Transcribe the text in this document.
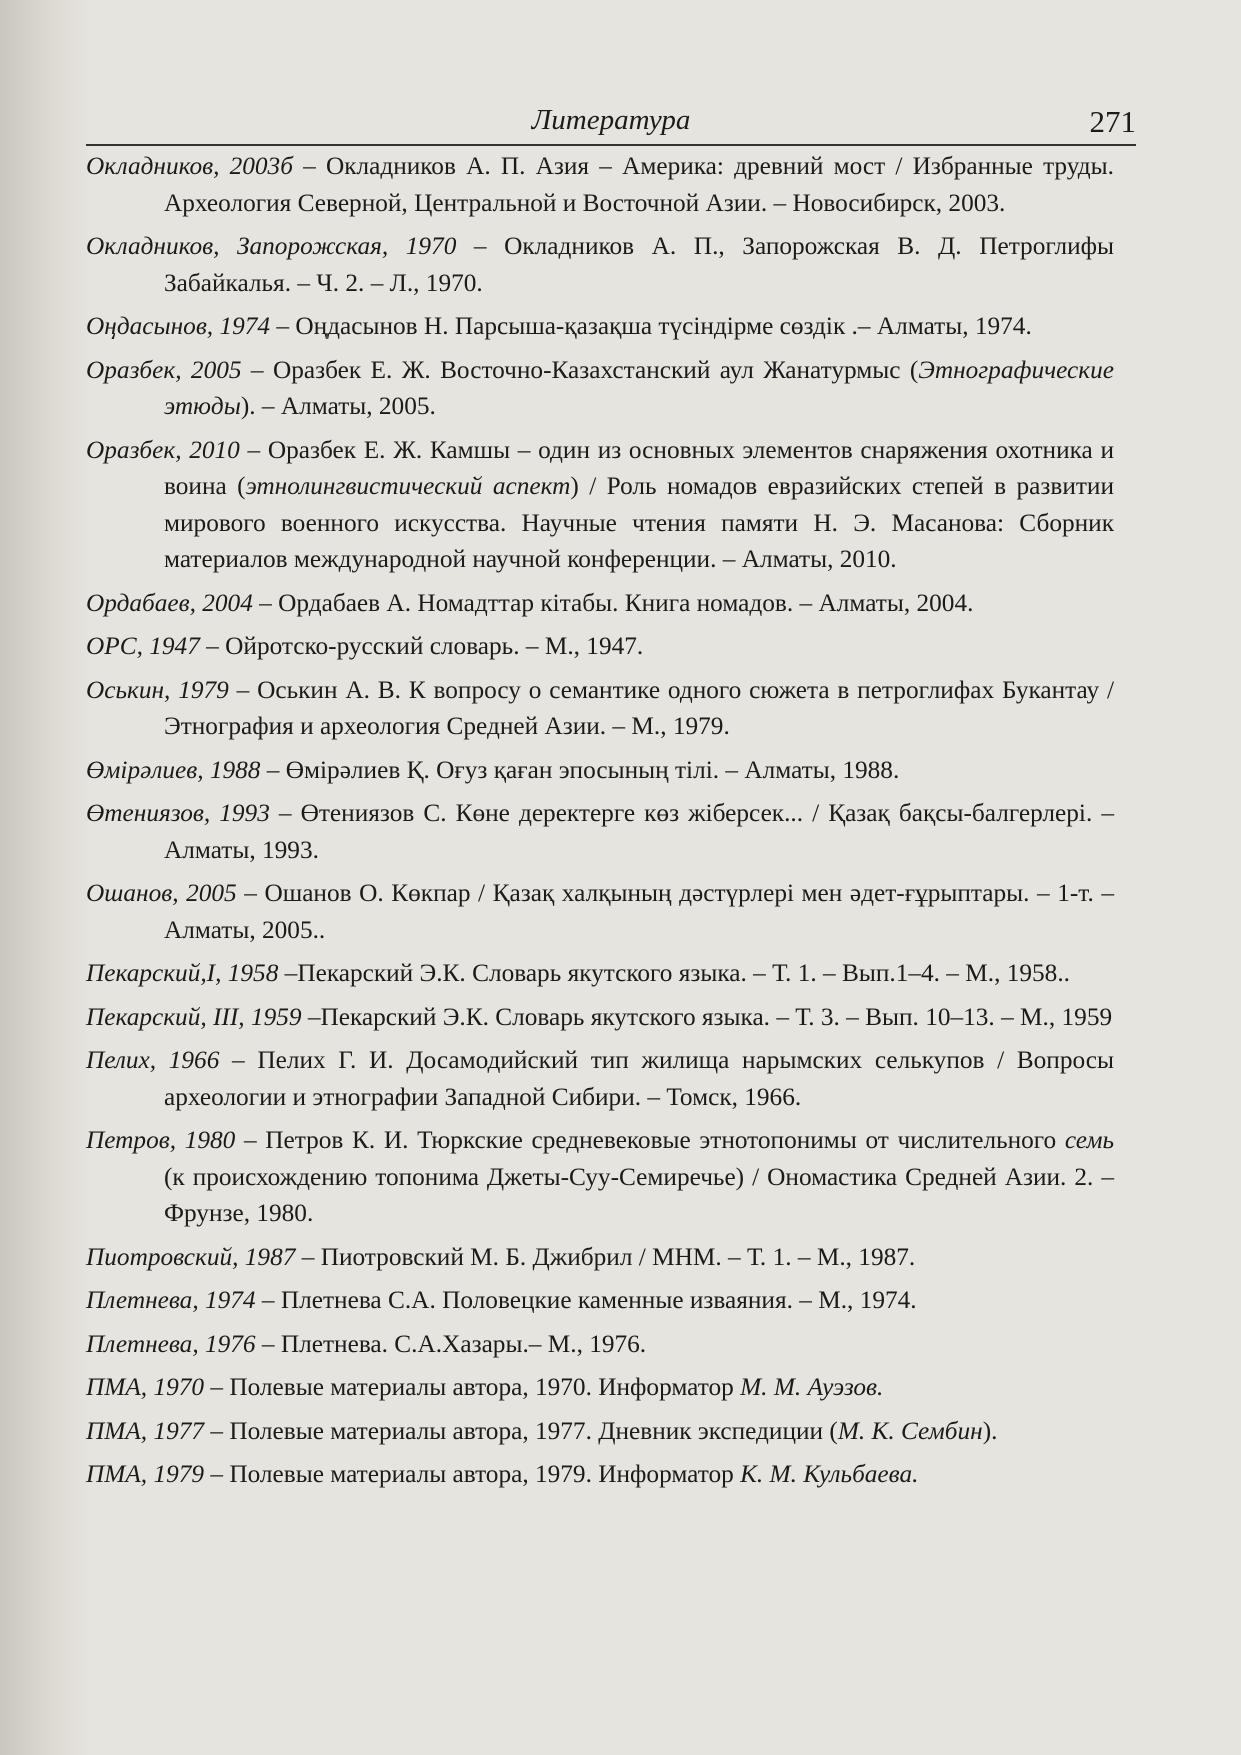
Литература	271

Окладников, 2003б – Окладников А. П. Азия – Америка: древний мост / Избранные труды. Археология Северной, Центральной и Восточной Азии. – Новосибирск, 2003.

Окладников, Запорожская, 1970 – Окладников А. П., Запорожская В. Д. Петроглифы Забайкалья. – Ч. 2. – Л., 1970.

Оңдасынов, 1974 – Оңдасынов Н. Парсыша-қазақша түсіндірме сөздік .– Алматы, 1974.

Оразбек, 2005 – Оразбек Е. Ж. Восточно-Казахстанский аул Жанатурмыс (Этнографические этюды). – Алматы, 2005.

Оразбек, 2010 – Оразбек Е. Ж. Камшы – один из основных элементов снаряжения охотника и воина (этнолингвистический аспект) / Роль номадов евразийских степей в развитии мирового военного искусства. Научные чтения памяти Н. Э. Масанова: Сборник материалов международной научной конференции. – Алматы, 2010.

Ордабаев, 2004 – Ордабаев А. Номадттар кітабы. Книга номадов. – Алматы, 2004.

ОРС, 1947 – Ойротско-русский словарь. – М., 1947.

Оськин, 1979 – Оськин А. В. К вопросу о семантике одного сюжета в петроглифах Букантау / Этнография и археология Средней Азии. – М., 1979.

Өмірәлиев, 1988 – Өмірәлиев Қ. Оғуз қаған эпосының тілі. – Алматы, 1988.

Өтениязов, 1993 – Өтениязов С. Көне деректерге көз жіберсек... / Қазақ бақсы-балгерлері. – Алматы, 1993.

Ошанов, 2005 – Ошанов О. Көкпар / Қазақ халқының дәстүрлері мен әдет-ғұрыптары. – 1-т. – Алматы, 2005..

Пекарский,I, 1958 –Пекарский Э.К. Словарь якутского языка. – Т. 1. – Вып.1–4. – М., 1958..

Пекарский, III, 1959 –Пекарский Э.К. Словарь якутского языка. – Т. 3. – Вып. 10–13. – М., 1959

Пелих, 1966 – Пелих Г. И. Досамодийский тип жилища нарымских селькупов / Вопросы археологии и этнографии Западной Сибири. – Томск, 1966.

Петров, 1980 – Петров К. И. Тюркские средневековые этнотопонимы от числительного семь (к происхождению топонима Джеты-Суу-Семиречье) / Ономастика Средней Азии. 2. – Фрунзе, 1980.

Пиотровский, 1987 – Пиотровский М. Б. Джибрил / МНМ. – Т. 1. – М., 1987.

Плетнева, 1974 – Плетнева С.А. Половецкие каменные изваяния. – М., 1974.

Плетнева, 1976 – Плетнева. С.А.Хазары.– М., 1976.

ПМА, 1970 – Полевые материалы автора, 1970. Информатор М. М. Ауэзов.

ПМА, 1977 – Полевые материалы автора, 1977. Дневник экспедиции (М. К. Сембин).

ПМА, 1979 – Полевые материалы автора, 1979. Информатор К. М. Кульбаева.
